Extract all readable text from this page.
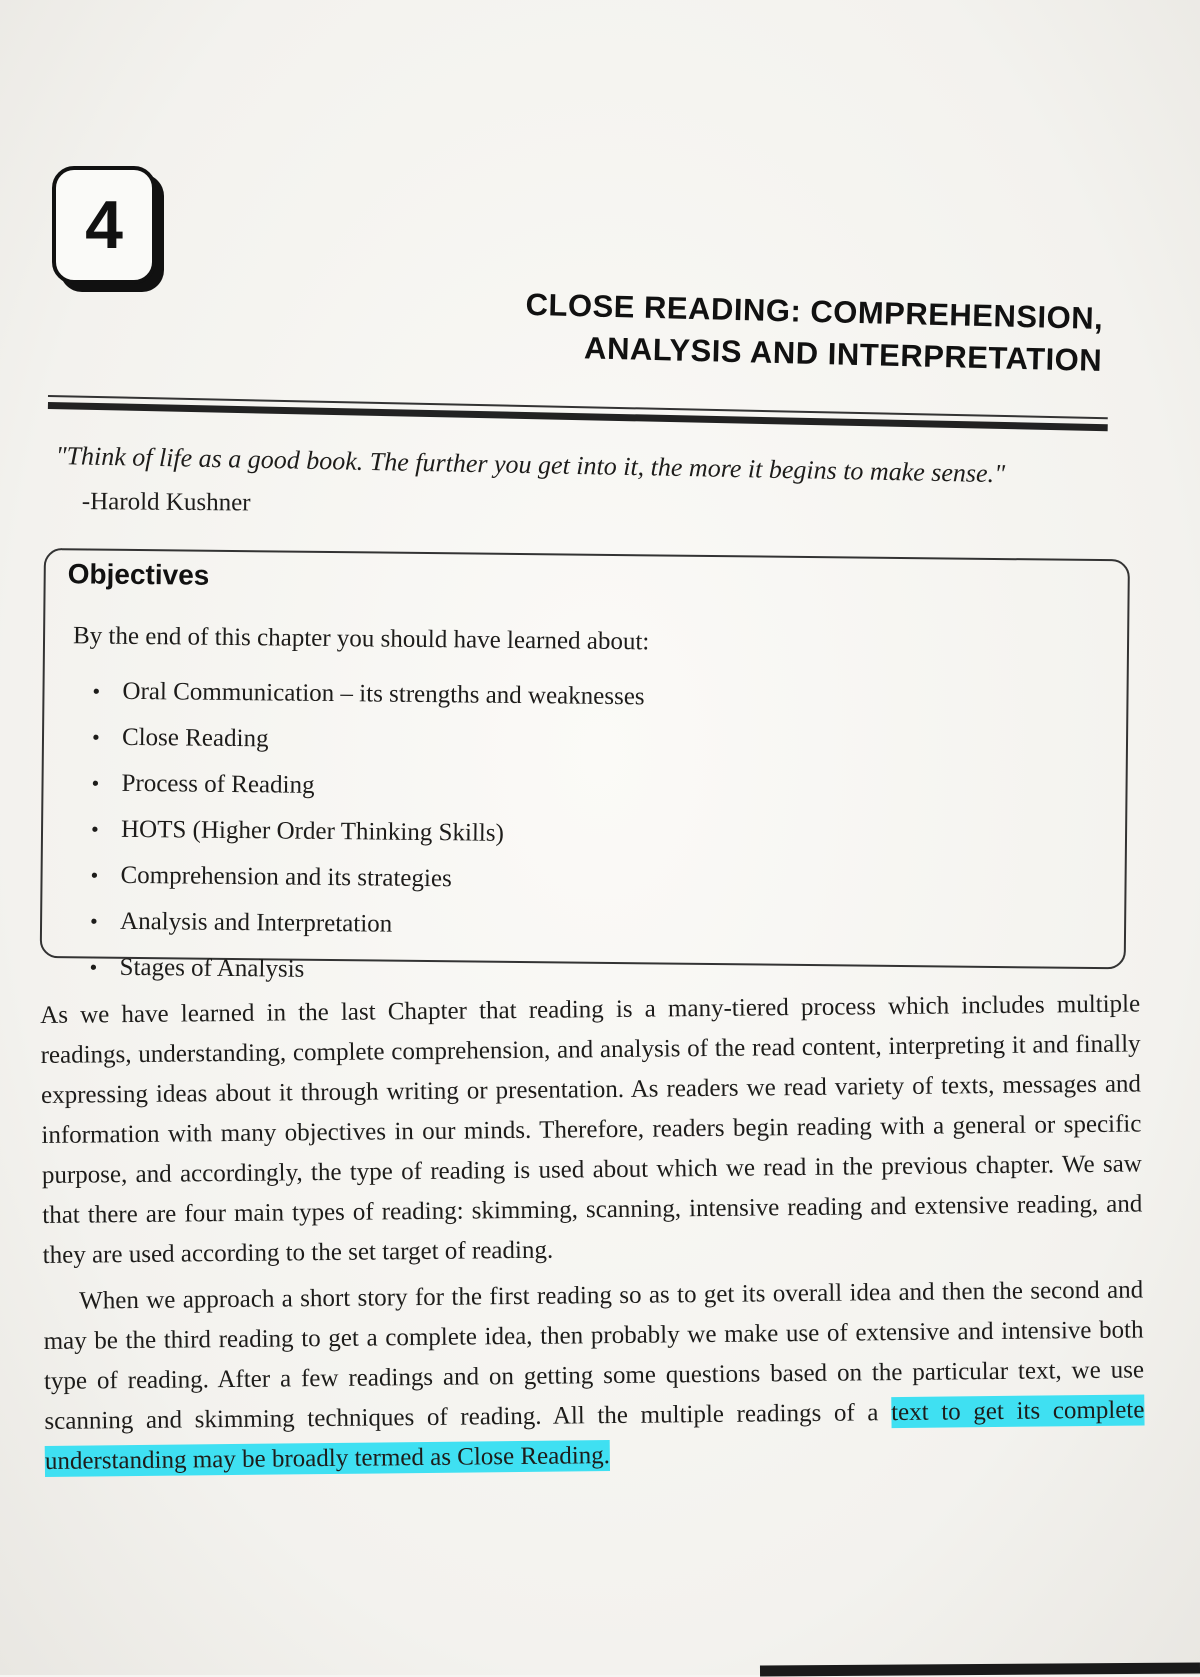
4
CLOSE READING: COMPREHENSION,
ANALYSIS AND INTERPRETATION
"Think of life as a good book. The further you get into it, the more it begins to make sense."
-Harold Kushner
Objectives
By the end of this chapter you should have learned about:
• Oral Communication – its strengths and weaknesses
• Close Reading
• Process of Reading
• HOTS (Higher Order Thinking Skills)
• Comprehension and its strategies
• Analysis and Interpretation
• Stages of Analysis

As we have learned in the last Chapter that reading is a many-tiered process which includes multiple readings, understanding, complete comprehension, and analysis of the read content, interpreting it and finally expressing ideas about it through writing or presentation. As readers we read variety of texts, messages and information with many objectives in our minds. Therefore, readers begin reading with a general or specific purpose, and accordingly, the type of reading is used about which we read in the previous chapter. We saw that there are four main types of reading: skimming, scanning, intensive reading and extensive reading, and they are used according to the set target of reading.

When we approach a short story for the first reading so as to get its overall idea and then the second and may be the third reading to get a complete idea, then probably we make use of extensive and intensive both type of reading. After a few readings and on getting some questions based on the particular text, we use scanning and skimming techniques of reading. All the multiple readings of a text to get its complete understanding may be broadly termed as Close Reading.
